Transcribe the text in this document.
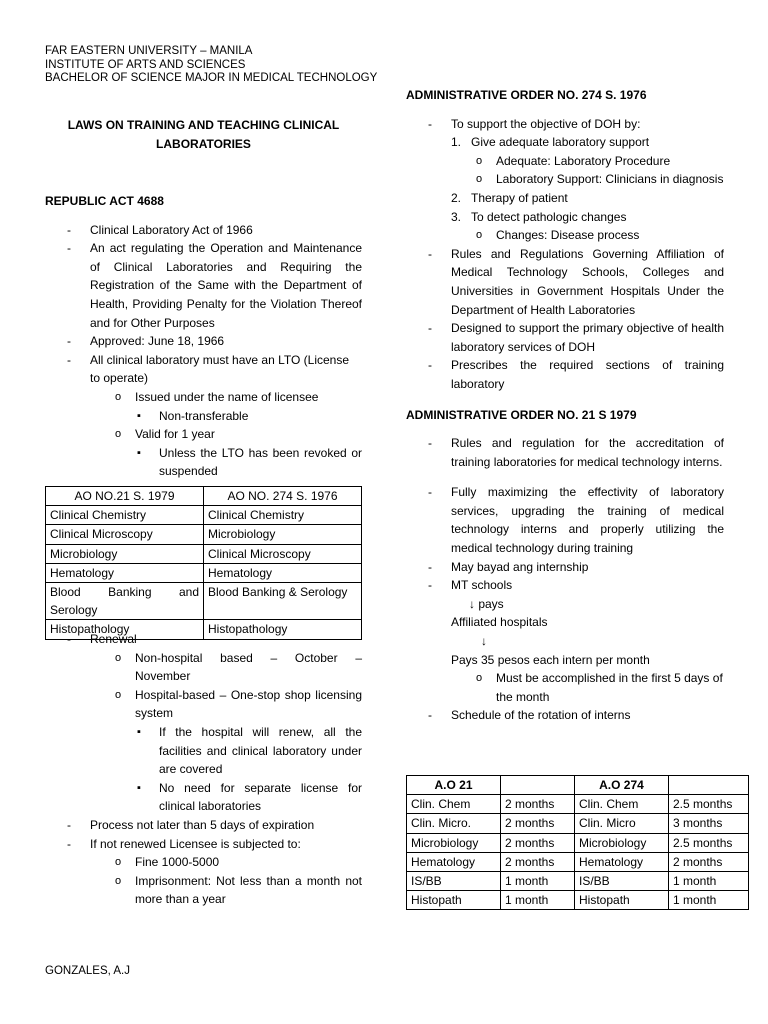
FAR EASTERN UNIVERSITY – MANILA
INSTITUTE OF ARTS AND SCIENCES
BACHELOR OF SCIENCE MAJOR IN MEDICAL TECHNOLOGY
LAWS ON TRAINING AND TEACHING CLINICAL LABORATORIES
REPUBLIC ACT 4688
- Clinical Laboratory Act of 1966
- An act regulating the Operation and Maintenance of Clinical Laboratories and Requiring the Registration of the Same with the Department of Health, Providing Penalty for the Violation Thereof and for Other Purposes
- Approved: June 18, 1966
- All clinical laboratory must have an LTO (License to operate)
o Issued under the name of licensee
▪ Non-transferable
o Valid for 1 year
▪ Unless the LTO has been revoked or suspended
AO NO.21 S. 1979	AO NO. 274 S. 1976
Clinical Chemistry	Clinical Chemistry
Clinical Microscopy	Microbiology
Microbiology	Clinical Microscopy
Hematology	Hematology
Blood Banking and Serology	Blood Banking & Serology
Histopathology	Histopathology
- Renewal
o Non-hospital based – October – November
o Hospital-based – One-stop shop licensing system
▪ If the hospital will renew, all the facilities and clinical laboratory under are covered
▪ No need for separate license for clinical laboratories
- Process not later than 5 days of expiration
- If not renewed Licensee is subjected to:
o Fine 1000-5000
o Imprisonment: Not less than a month not more than a year
ADMINISTRATIVE ORDER NO. 274 S. 1976
- To support the objective of DOH by:
1. Give adequate laboratory support
o Adequate: Laboratory Procedure
o Laboratory Support: Clinicians in diagnosis
2. Therapy of patient
3. To detect pathologic changes
o Changes: Disease process
- Rules and Regulations Governing Affiliation of Medical Technology Schools, Colleges and Universities in Government Hospitals Under the Department of Health Laboratories
- Designed to support the primary objective of health laboratory services of DOH
- Prescribes the required sections of training laboratory
ADMINISTRATIVE ORDER NO. 21 S 1979
- Rules and regulation for the accreditation of training laboratories for medical technology interns.
- Fully maximizing the effectivity of laboratory services, upgrading the training of medical technology interns and properly utilizing the medical technology during training
- May bayad ang internship
- MT schools
↓ pays
Affiliated hospitals
↓
Pays 35 pesos each intern per month
o Must be accomplished in the first 5 days of the month
- Schedule of the rotation of interns
A.O 21		A.O 274	
Clin. Chem	2 months	Clin. Chem	2.5 months
Clin. Micro.	2 months	Clin. Micro	3 months
Microbiology	2 months	Microbiology	2.5 months
Hematology	2 months	Hematology	2 months
IS/BB	1 month	IS/BB	1 month
Histopath	1 month	Histopath	1 month
GONZALES, A.J
